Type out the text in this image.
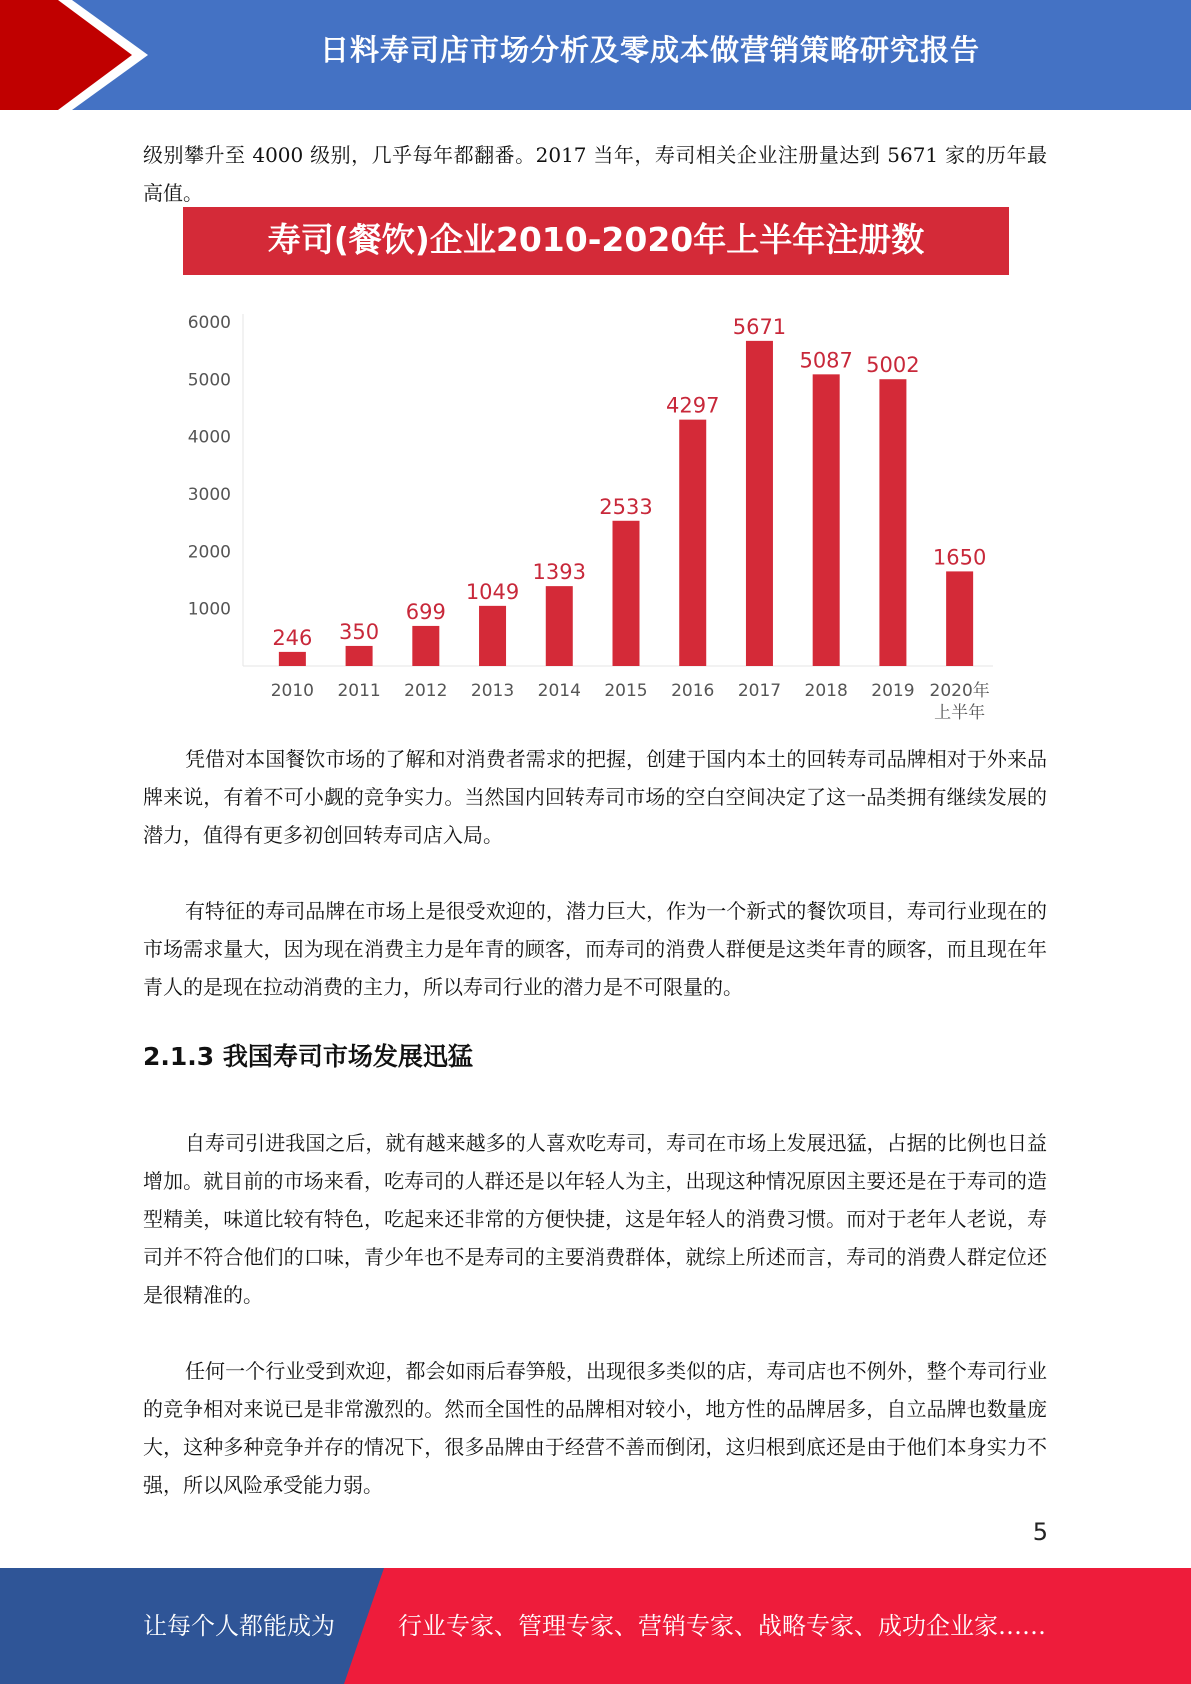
日料寿司店市场分析及零成本做营销策略研究报告

级别攀升至 4000 级别，几乎每年都翻番。2017 当年，寿司相关企业注册量达到 5671 家的历年最高值。

寿司(餐饮)企业2010-2020年上半年注册数
1000
2000
3000
4000
5000
6000
246
2010
350
2011
699
2012
1049
2013
1393
2014
2533
2015
4297
2016
5671
2017
5087
2018
5002
2019
1650
2020年
上半年

凭借对本国餐饮市场的了解和对消费者需求的把握，创建于国内本土的回转寿司品牌相对于外来品牌来说，有着不可小觑的竞争实力。当然国内回转寿司市场的空白空间决定了这一品类拥有继续发展的潜力，值得有更多初创回转寿司店入局。

有特征的寿司品牌在市场上是很受欢迎的，潜力巨大，作为一个新式的餐饮项目，寿司行业现在的市场需求量大，因为现在消费主力是年青的顾客，而寿司的消费人群便是这类年青的顾客，而且现在年青人的是现在拉动消费的主力，所以寿司行业的潜力是不可限量的。

2.1.3 我国寿司市场发展迅猛

自寿司引进我国之后，就有越来越多的人喜欢吃寿司，寿司在市场上发展迅猛，占据的比例也日益增加。就目前的市场来看，吃寿司的人群还是以年轻人为主，出现这种情况原因主要还是在于寿司的造型精美，味道比较有特色，吃起来还非常的方便快捷，这是年轻人的消费习惯。而对于老年人老说，寿司并不符合他们的口味，青少年也不是寿司的主要消费群体，就综上所述而言，寿司的消费人群定位还是很精准的。

任何一个行业受到欢迎，都会如雨后春笋般，出现很多类似的店，寿司店也不例外，整个寿司行业的竞争相对来说已是非常激烈的。然而全国性的品牌相对较小，地方性的品牌居多，自立品牌也数量庞大，这种多种竞争并存的情况下，很多品牌由于经营不善而倒闭，这归根到底还是由于他们本身实力不强，所以风险承受能力弱。

5
让每个人都能成为	行业专家、管理专家、营销专家、战略专家、成功企业家……
